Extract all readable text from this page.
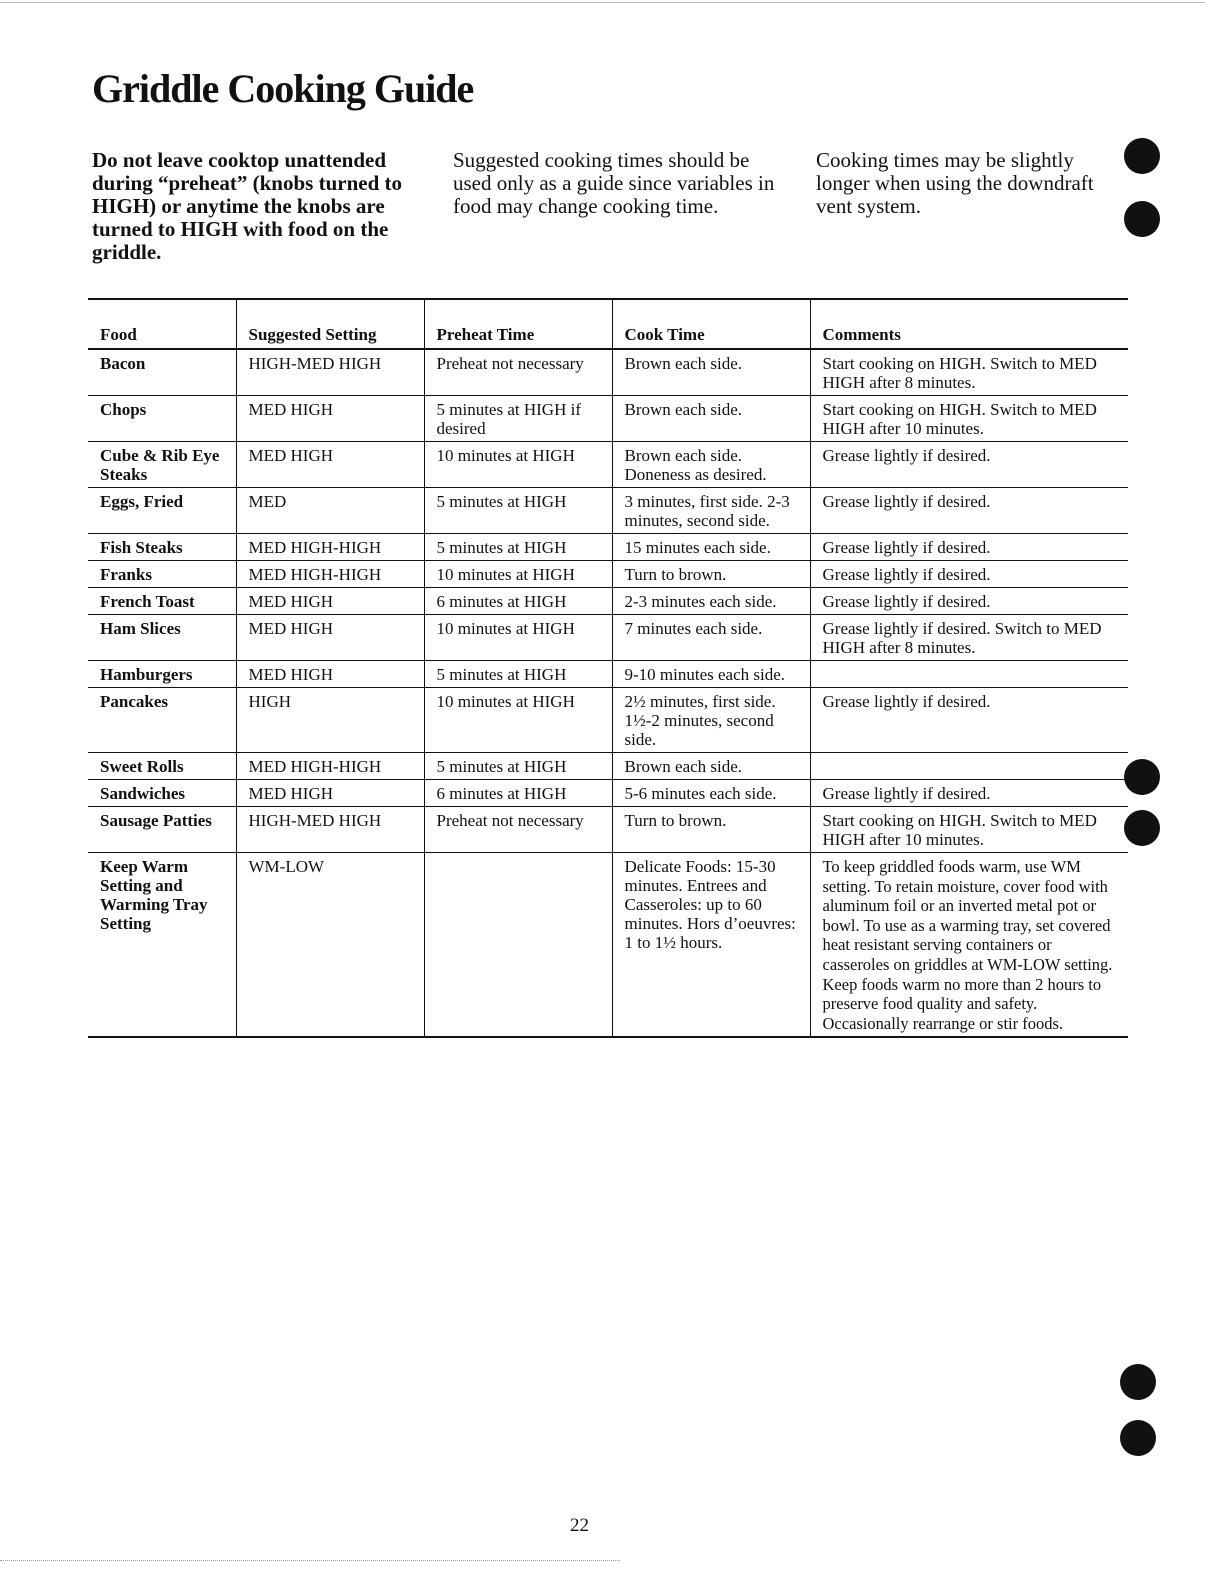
Griddle Cooking Guide

Do not leave cooktop unattended during “preheat” (knobs turned to HIGH) or anytime the knobs are turned to HIGH with food on the griddle.

Suggested cooking times should be used only as a guide since variables in food may change cooking time.

Cooking times may be slightly longer when using the downdraft vent system.

Food	Suggested Setting	Preheat Time	Cook Time	Comments
Bacon	HIGH-MED HIGH	Preheat not necessary	Brown each side.	Start cooking on HIGH. Switch to MED HIGH after 8 minutes.
Chops	MED HIGH	5 minutes at HIGH if desired	Brown each side.	Start cooking on HIGH. Switch to MED HIGH after 10 minutes.
Cube & Rib Eye Steaks	MED HIGH	10 minutes at HIGH	Brown each side. Doneness as desired.	Grease lightly if desired.
Eggs, Fried	MED	5 minutes at HIGH	3 minutes, first side. 2-3 minutes, second side.	Grease lightly if desired.
Fish Steaks	MED HIGH-HIGH	5 minutes at HIGH	15 minutes each side.	Grease lightly if desired.
Franks	MED HIGH-HIGH	10 minutes at HIGH	Turn to brown.	Grease lightly if desired.
French Toast	MED HIGH	6 minutes at HIGH	2-3 minutes each side.	Grease lightly if desired.
Ham Slices	MED HIGH	10 minutes at HIGH	7 minutes each side.	Grease lightly if desired. Switch to MED HIGH after 8 minutes.
Hamburgers	MED HIGH	5 minutes at HIGH	9-10 minutes each side.	
Pancakes	HIGH	10 minutes at HIGH	2½ minutes, first side. 1½-2 minutes, second side.	Grease lightly if desired.
Sweet Rolls	MED HIGH-HIGH	5 minutes at HIGH	Brown each side.	
Sandwiches	MED HIGH	6 minutes at HIGH	5-6 minutes each side.	Grease lightly if desired.
Sausage Patties	HIGH-MED HIGH	Preheat not necessary	Turn to brown.	Start cooking on HIGH. Switch to MED HIGH after 10 minutes.
Keep Warm Setting and Warming Tray Setting	WM-LOW		Delicate Foods: 15-30 minutes. Entrees and Casseroles: up to 60 minutes. Hors d’oeuvres: 1 to 1½ hours.	To keep griddled foods warm, use WM setting. To retain moisture, cover food with aluminum foil or an inverted metal pot or bowl. To use as a warming tray, set covered heat resistant serving containers or casseroles on griddles at WM-LOW setting. Keep foods warm no more than 2 hours to preserve food quality and safety. Occasionally rearrange or stir foods.

22
